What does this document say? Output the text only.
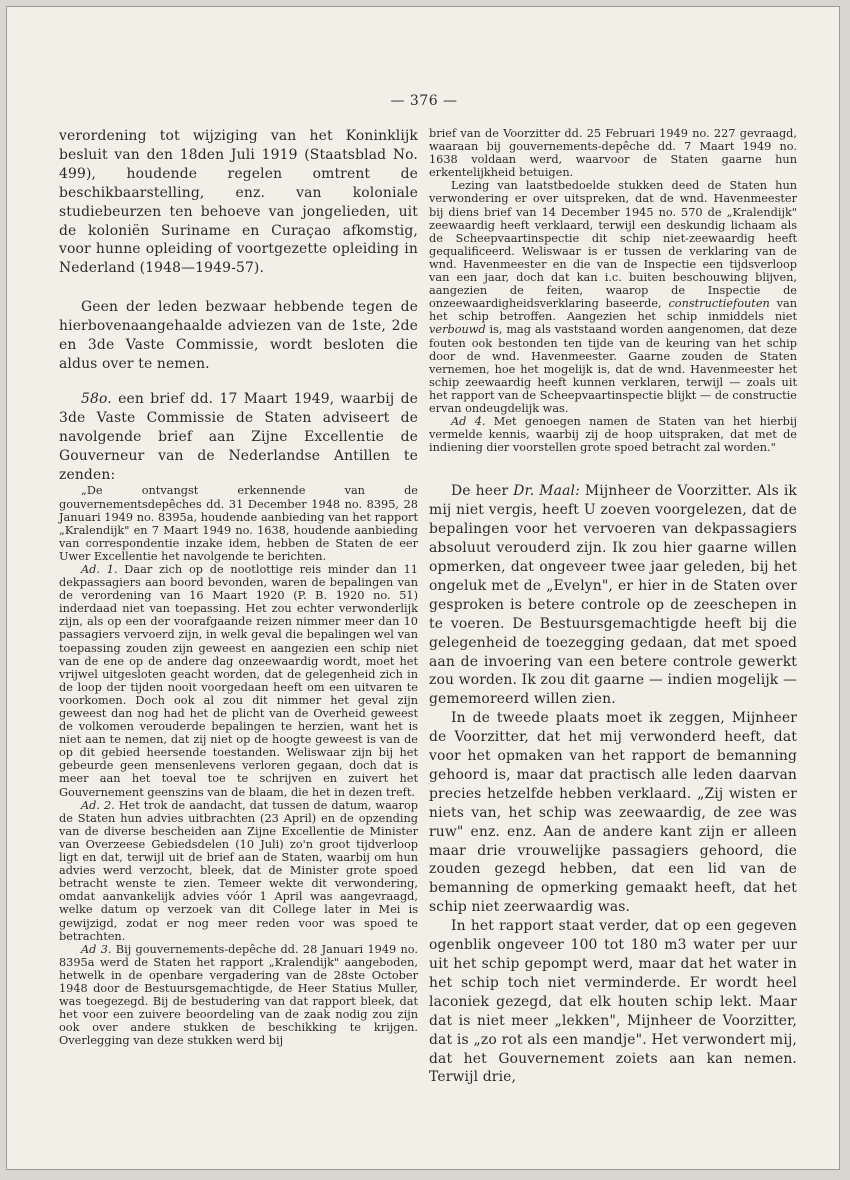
— 376 —

verordening tot wijziging van het Koninklijk besluit van den 18den Juli 1919 (Staatsblad No. 499), houdende regelen omtrent de beschikbaarstelling, enz. van koloniale studiebeurzen ten behoeve van jongelieden, uit de koloniën Suriname en Curaçao afkomstig, voor hunne opleiding of voortgezette opleiding in Nederland (1948—1949-57).

Geen der leden bezwaar hebbende tegen de hierbovenaangehaalde adviezen van de 1ste, 2de en 3de Vaste Commissie, wordt besloten die aldus over te nemen.

58o. een brief dd. 17 Maart 1949, waarbij de 3de Vaste Commissie de Staten adviseert de navolgende brief aan Zijne Excellentie de Gouverneur van de Nederlandse Antillen te zenden:

„De ontvangst erkennende van de gouvernementsdepêches dd. 31 December 1948 no. 8395, 28 Januari 1949 no. 8395a, houdende aanbieding van het rapport „Kralendijk" en 7 Maart 1949 no. 1638, houdende aanbieding van correspondentie inzake idem, hebben de Staten de eer Uwer Excellentie het navolgende te berichten.

Ad. 1. Daar zich op de nootlottige reis minder dan 11 dekpassagiers aan boord bevonden, waren de bepalingen van de verordening van 16 Maart 1920 (P. B. 1920 no. 51) inderdaad niet van toepassing. Het zou echter verwonderlijk zijn, als op een der voorafgaande reizen nimmer meer dan 10 passagiers vervoerd zijn, in welk geval die bepalingen wel van toepassing zouden zijn geweest en aangezien een schip niet van de ene op de andere dag onzeewaardig wordt, moet het vrijwel uitgesloten geacht worden, dat de gelegenheid zich in de loop der tijden nooit voorgedaan heeft om een uitvaren te voorkomen. Doch ook al zou dit nimmer het geval zijn geweest dan nog had het de plicht van de Overheid geweest de volkomen verouderde bepalingen te herzien, want het is niet aan te nemen, dat zij niet op de hoogte geweest is van de op dit gebied heersende toestanden. Weliswaar zijn bij het gebeurde geen mensenlevens verloren gegaan, doch dat is meer aan het toeval toe te schrijven en zuivert het Gouvernement geenszins van de blaam, die het in dezen treft.

Ad. 2. Het trok de aandacht, dat tussen de datum, waarop de Staten hun advies uitbrachten (23 April) en de opzending van de diverse bescheiden aan Zijne Excellentie de Minister van Overzeese Gebiedsdelen (10 Juli) zo'n groot tijdverloop ligt en dat, terwijl uit de brief aan de Staten, waarbij om hun advies werd verzocht, bleek, dat de Minister grote spoed betracht wenste te zien. Temeer wekte dit verwondering, omdat aanvankelijk advies vóór 1 April was aangevraagd, welke datum op verzoek van dit College later in Mei is gewijzigd, zodat er nog meer reden voor was spoed te betrachten.

Ad 3. Bij gouvernements-depêche dd. 28 Januari 1949 no. 8395a werd de Staten het rapport „Kralendijk" aangeboden, hetwelk in de openbare vergadering van de 28ste October 1948 door de Bestuursgemachtigde, de Heer Statius Muller, was toegezegd. Bij de bestudering van dat rapport bleek, dat het voor een zuivere beoordeling van de zaak nodig zou zijn ook over andere stukken de beschikking te krijgen. Overlegging van deze stukken werd bij

brief van de Voorzitter dd. 25 Februari 1949 no. 227 gevraagd, waaraan bij gouvernements-depêche dd. 7 Maart 1949 no. 1638 voldaan werd, waarvoor de Staten gaarne hun erkentelijkheid betuigen.

Lezing van laatstbedoelde stukken deed de Staten hun verwondering er over uitspreken, dat de wnd. Havenmeester bij diens brief van 14 December 1945 no. 570 de „Kralendijk" zeewaardig heeft verklaard, terwijl een deskundig lichaam als de Scheepvaartinspectie dit schip niet-zeewaardig heeft gequalificeerd. Weliswaar is er tussen de verklaring van de wnd. Havenmeester en die van de Inspectie een tijdsverloop van een jaar, doch dat kan i.c. buiten beschouwing blijven, aangezien de feiten, waarop de Inspectie de onzeewaardigheidsverklaring baseerde, constructiefouten van het schip betroffen. Aangezien het schip inmiddels niet verbouwd is, mag als vaststaand worden aangenomen, dat deze fouten ook bestonden ten tijde van de keuring van het schip door de wnd. Havenmeester. Gaarne zouden de Staten vernemen, hoe het mogelijk is, dat de wnd. Havenmeester het schip zeewaardig heeft kunnen verklaren, terwijl — zoals uit het rapport van de Scheepvaartinspectie blijkt — de constructie ervan ondeugdelijk was.

Ad 4. Met genoegen namen de Staten van het hierbij vermelde kennis, waarbij zij de hoop uitspraken, dat met de indiening dier voorstellen grote spoed betracht zal worden."

De heer Dr. Maal: Mijnheer de Voorzitter. Als ik mij niet vergis, heeft U zoeven voorgelezen, dat de bepalingen voor het vervoeren van dekpassagiers absoluut verouderd zijn. Ik zou hier gaarne willen opmerken, dat ongeveer twee jaar geleden, bij het ongeluk met de „Evelyn", er hier in de Staten over gesproken is betere controle op de zeeschepen in te voeren. De Bestuursgemachtigde heeft bij die gelegenheid de toezegging gedaan, dat met spoed aan de invoering van een betere controle gewerkt zou worden. Ik zou dit gaarne — indien mogelijk — gememoreerd willen zien.

In de tweede plaats moet ik zeggen, Mijnheer de Voorzitter, dat het mij verwonderd heeft, dat voor het opmaken van het rapport de bemanning gehoord is, maar dat practisch alle leden daarvan precies hetzelfde hebben verklaard. „Zij wisten er niets van, het schip was zeewaardig, de zee was ruw" enz. enz. Aan de andere kant zijn er alleen maar drie vrouwelijke passagiers gehoord, die zouden gezegd hebben, dat een lid van de bemanning de opmerking gemaakt heeft, dat het schip niet zeerwaardig was.

In het rapport staat verder, dat op een gegeven ogenblik ongeveer 100 tot 180 m3 water per uur uit het schip gepompt werd, maar dat het water in het schip toch niet verminderde. Er wordt heel laconiek gezegd, dat elk houten schip lekt. Maar dat is niet meer „lekken", Mijnheer de Voorzitter, dat is „zo rot als een mandje". Het verwondert mij, dat het Gouvernement zoiets aan kan nemen. Terwijl drie,
